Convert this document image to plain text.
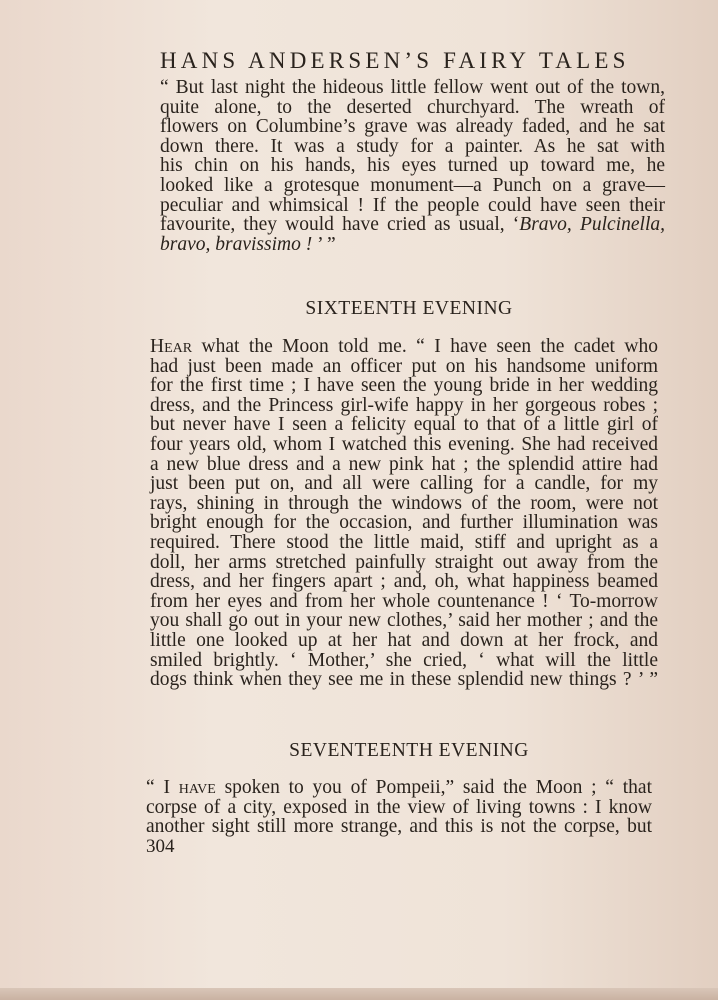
HANS ANDERSEN’S FAIRY TALES
“ But last night the hideous little fellow went out of the town,
quite alone, to the deserted churchyard. The wreath of
flowers on Columbine’s grave was already faded, and he sat
down there. It was a study for a painter. As he sat with
his chin on his hands, his eyes turned up toward me, he
looked like a grotesque monument—a Punch on a grave—
peculiar and whimsical ! If the people could have seen their
favourite, they would have cried as usual, ‘Bravo, Pulcinella,
bravo, bravissimo ! ’ ”
SIXTEENTH EVENING
Hear what the Moon told me. “ I have seen the cadet who
had just been made an officer put on his handsome uniform
for the first time ; I have seen the young bride in her wedding
dress, and the Princess girl-wife happy in her gorgeous robes ;
but never have I seen a felicity equal to that of a little girl of
four years old, whom I watched this evening. She had received
a new blue dress and a new pink hat ; the splendid attire had
just been put on, and all were calling for a candle, for my
rays, shining in through the windows of the room, were not
bright enough for the occasion, and further illumination was
required. There stood the little maid, stiff and upright as a
doll, her arms stretched painfully straight out away from the
dress, and her fingers apart ; and, oh, what happiness beamed
from her eyes and from her whole countenance ! ‘ To-morrow
you shall go out in your new clothes,’ said her mother ; and the
little one looked up at her hat and down at her frock, and
smiled brightly. ‘ Mother,’ she cried, ‘ what will the little
dogs think when they see me in these splendid new things ? ’ ”
SEVENTEENTH EVENING
“ I have spoken to you of Pompeii,” said the Moon ; “ that
corpse of a city, exposed in the view of living towns : I know
another sight still more strange, and this is not the corpse, but
304
